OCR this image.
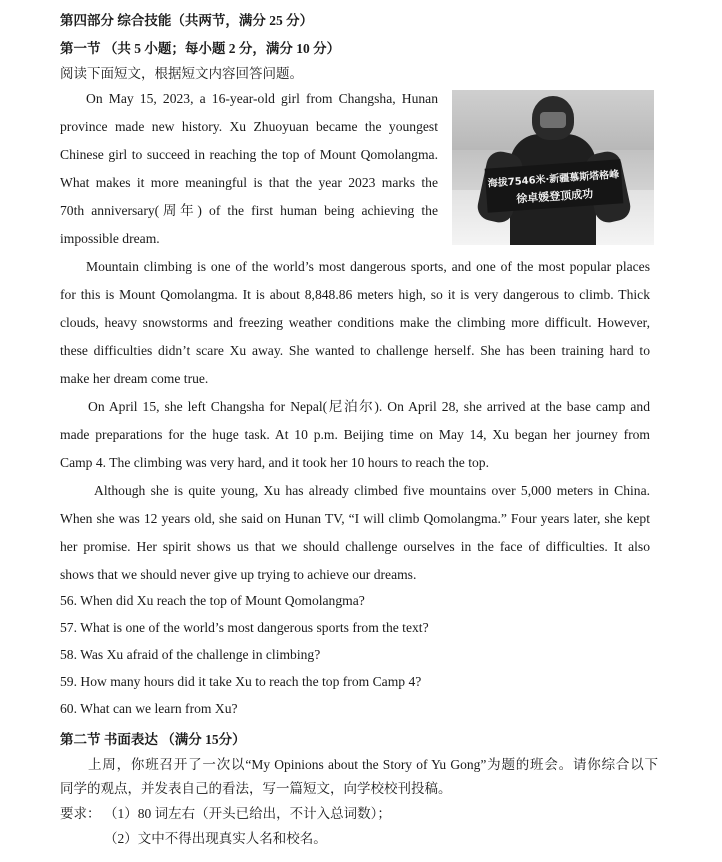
第四部分 综合技能（共两节，满分 25 分）
第一节 （共 5 小题；每小题 2 分，满分 10 分）
阅读下面短文，根据短文内容回答问题。
On May 15, 2023, a 16-year-old girl from Changsha, Hunan
province made new history. Xu Zhuoyuan became the youngest
Chinese girl to succeed in reaching the top of Mount Qomolangma.
What makes it more meaningful is that the year 2023 marks the
70th anniversary(周年) of the first human being achieving the
impossible dream.
海拔7546米·新疆慕斯塔格峰
徐卓媛登顶成功
Mountain climbing is one of the world’s most dangerous sports, and one of the most popular places
for this is Mount Qomolangma. It is about 8,848.86 meters high, so it is very dangerous to climb. Thick
clouds, heavy snowstorms and freezing weather conditions make the climbing more difficult. However,
these difficulties didn’t scare Xu away. She wanted to challenge herself. She has been training hard to
make her dream come true.
On April 15, she left Changsha for Nepal(尼泊尔). On April 28, she arrived at the base camp and
made preparations for the huge task. At 10 p.m. Beijing time on May 14, Xu began her journey from
Camp 4. The climbing was very hard, and it took her 10 hours to reach the top.
Although she is quite young, Xu has already climbed five mountains over 5,000 meters in China.
When she was 12 years old, she said on Hunan TV, “I will climb Qomolangma.” Four years later, she kept
her promise. Her spirit shows us that we should challenge ourselves in the face of difficulties. It also
shows that we should never give up trying to achieve our dreams.
56. When did Xu reach the top of Mount Qomolangma?
57. What is one of the world’s most dangerous sports from the text?
58. Was Xu afraid of the challenge in climbing?
59. How many hours did it take Xu to reach the top from Camp 4?
60. What can we learn from Xu?
第二节 书面表达 （满分 15分）
上周，你班召开了一次以“My Opinions about the Story of Yu Gong”为题的班会。请你综合以下
同学的观点，并发表自己的看法，写一篇短文，向学校校刊投稿。
要求： （1）80 词左右（开头已给出，不计入总词数）；
（2）文中不得出现真实人名和校名。
